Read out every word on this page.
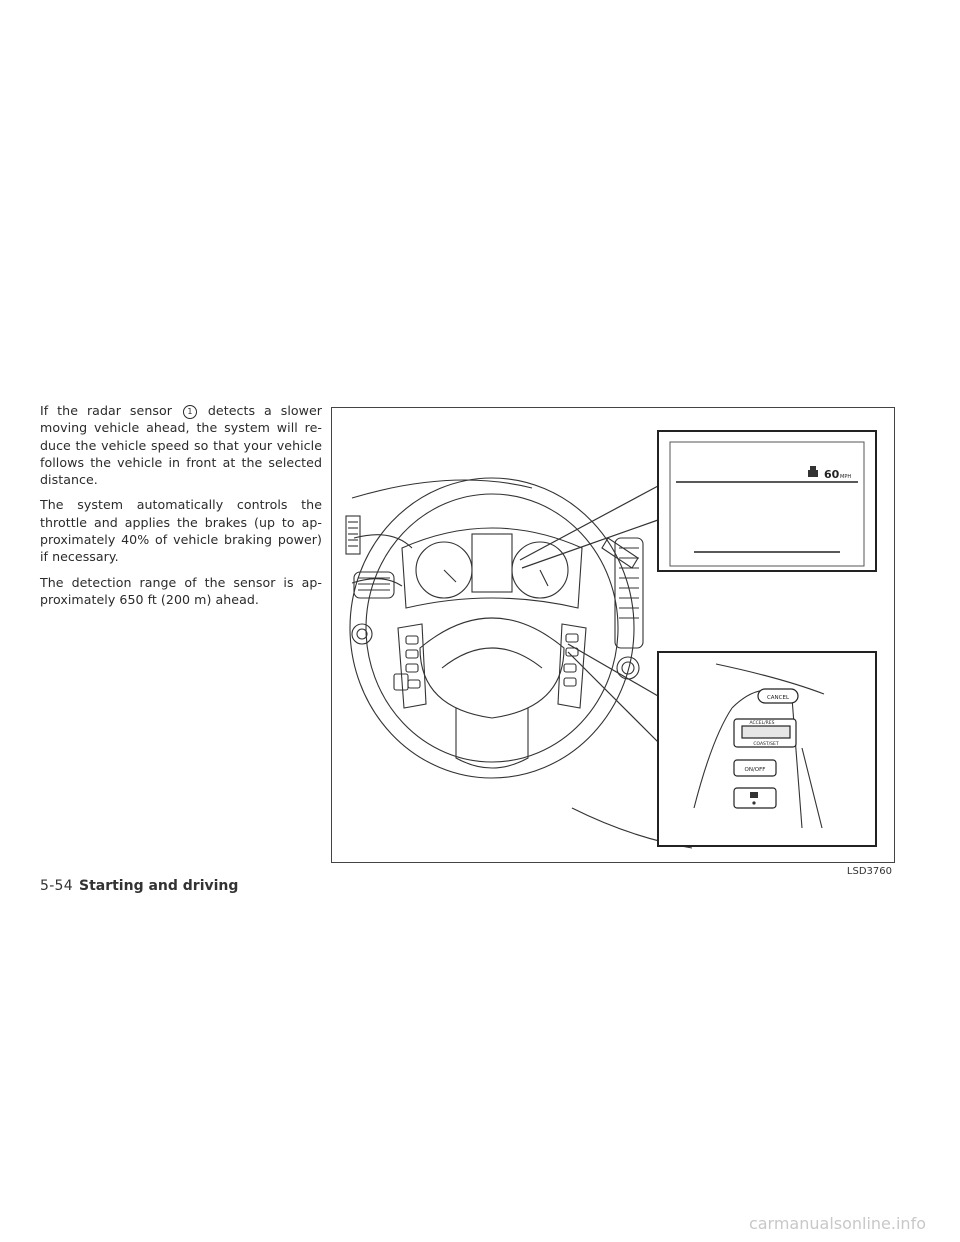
If the radar sensor 1 detects a slower moving vehicle ahead, the system will re-duce the vehicle speed so that your vehicle follows the vehicle in front at the selected distance.

The system automatically controls the throttle and applies the brakes (up to ap-proximately 40% of vehicle braking power) if necessary.

The detection range of the sensor is ap-proximately 650 ft (200 m) ahead.

60 MPH
CANCEL
ACCEL/RES
COAST/SET
ON/OFF
LSD3760
5-54 Starting and driving
carmanualsonline.info
